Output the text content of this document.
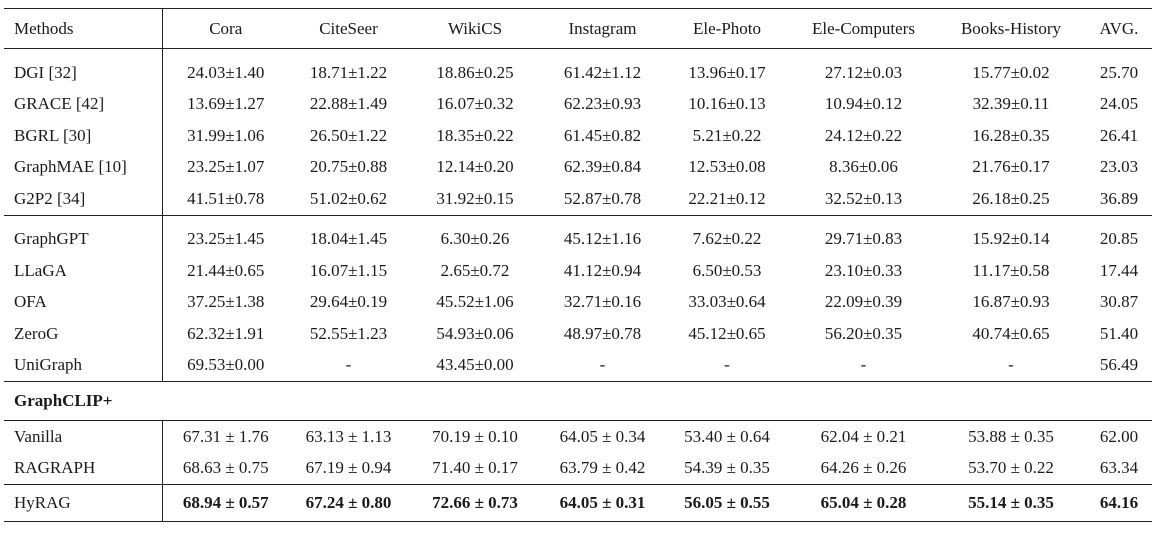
Methods	Cora	CiteSeer	WikiCS	Instagram	Ele-Photo	Ele-Computers	Books-History	AVG.
DGI [32]	24.03±1.40	18.71±1.22	18.86±0.25	61.42±1.12	13.96±0.17	27.12±0.03	15.77±0.02	25.70
GRACE [42]	13.69±1.27	22.88±1.49	16.07±0.32	62.23±0.93	10.16±0.13	10.94±0.12	32.39±0.11	24.05
BGRL [30]	31.99±1.06	26.50±1.22	18.35±0.22	61.45±0.82	5.21±0.22	24.12±0.22	16.28±0.35	26.41
GraphMAE [10]	23.25±1.07	20.75±0.88	12.14±0.20	62.39±0.84	12.53±0.08	8.36±0.06	21.76±0.17	23.03
G2P2 [34]	41.51±0.78	51.02±0.62	31.92±0.15	52.87±0.78	22.21±0.12	32.52±0.13	26.18±0.25	36.89
GraphGPT	23.25±1.45	18.04±1.45	6.30±0.26	45.12±1.16	7.62±0.22	29.71±0.83	15.92±0.14	20.85
LLaGA	21.44±0.65	16.07±1.15	2.65±0.72	41.12±0.94	6.50±0.53	23.10±0.33	11.17±0.58	17.44
OFA	37.25±1.38	29.64±0.19	45.52±1.06	32.71±0.16	33.03±0.64	22.09±0.39	16.87±0.93	30.87
ZeroG	62.32±1.91	52.55±1.23	54.93±0.06	48.97±0.78	45.12±0.65	56.20±0.35	40.74±0.65	51.40
UniGraph	69.53±0.00	-	43.45±0.00	-	-	-	-	56.49
GraphCLIP+								
Vanilla	67.31 ± 1.76	63.13 ± 1.13	70.19 ± 0.10	64.05 ± 0.34	53.40 ± 0.64	62.04 ± 0.21	53.88 ± 0.35	62.00
RAGRAPH	68.63 ± 0.75	67.19 ± 0.94	71.40 ± 0.17	63.79 ± 0.42	54.39 ± 0.35	64.26 ± 0.26	53.70 ± 0.22	63.34
HyRAG	68.94 ± 0.57	67.24 ± 0.80	72.66 ± 0.73	64.05 ± 0.31	56.05 ± 0.55	65.04 ± 0.28	55.14 ± 0.35	64.16
